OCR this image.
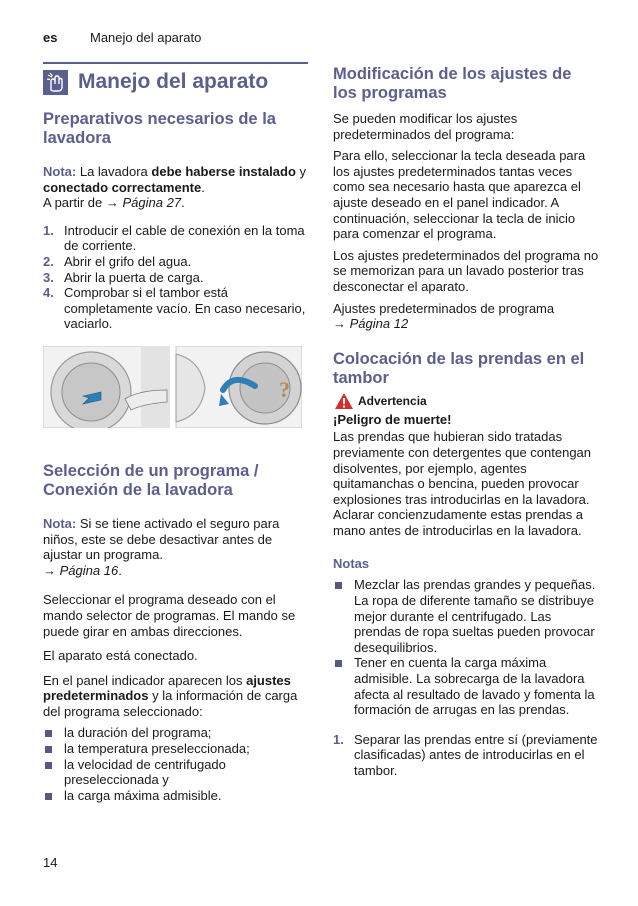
es	Manejo del aparato
Manejo del aparato
Preparativos necesarios de la lavadora

Nota: La lavadora debe haberse instalado y conectado correctamente.
A partir de → Página 27.

1. Introducir el cable de conexión en la toma de corriente.
2. Abrir el grifo del agua.
3. Abrir la puerta de carga.
4. Comprobar si el tambor está completamente vacío. En caso necesario, vaciarlo.
?
Selección de un programa / Conexión de la lavadora

Nota: Si se tiene activado el seguro para niños, este se debe desactivar antes de ajustar un programa.
→ Página 16.

Seleccionar el programa deseado con el mando selector de programas. El mando se puede girar en ambas direcciones.

El aparato está conectado.

En el panel indicador aparecen los ajustes predeterminados y la información de carga del programa seleccionado:

la duración del programa;
la temperatura preseleccionada;
la velocidad de centrifugado preseleccionada y
la carga máxima admisible.
Modificación de los ajustes de los programas

Se pueden modificar los ajustes predeterminados del programa:

Para ello, seleccionar la tecla deseada para los ajustes predeterminados tantas veces como sea necesario hasta que aparezca el ajuste deseado en el panel indicador. A continuación, seleccionar la tecla de inicio para comenzar el programa.

Los ajustes predeterminados del programa no se memorizan para un lavado posterior tras desconectar el aparato.

Ajustes predeterminados de programa
→ Página 12

Colocación de las prendas en el tambor
Advertencia

¡Peligro de muerte!

Las prendas que hubieran sido tratadas previamente con detergentes que contengan disolventes, por ejemplo, agentes quitamanchas o bencina, pueden provocar explosiones tras introducirlas en la lavadora.
Aclarar concienzudamente estas prendas a mano antes de introducirlas en la lavadora.

Notas
Mezclar las prendas grandes y pequeñas. La ropa de diferente tamaño se distribuye mejor durante el centrifugado. Las prendas de ropa sueltas pueden provocar desequilibrios.
Tener en cuenta la carga máxima admisible. La sobrecarga de la lavadora afecta al resultado de lavado y fomenta la formación de arrugas en las prendas.
1. Separar las prendas entre sí (previamente clasificadas) antes de introducirlas en el tambor.
14
